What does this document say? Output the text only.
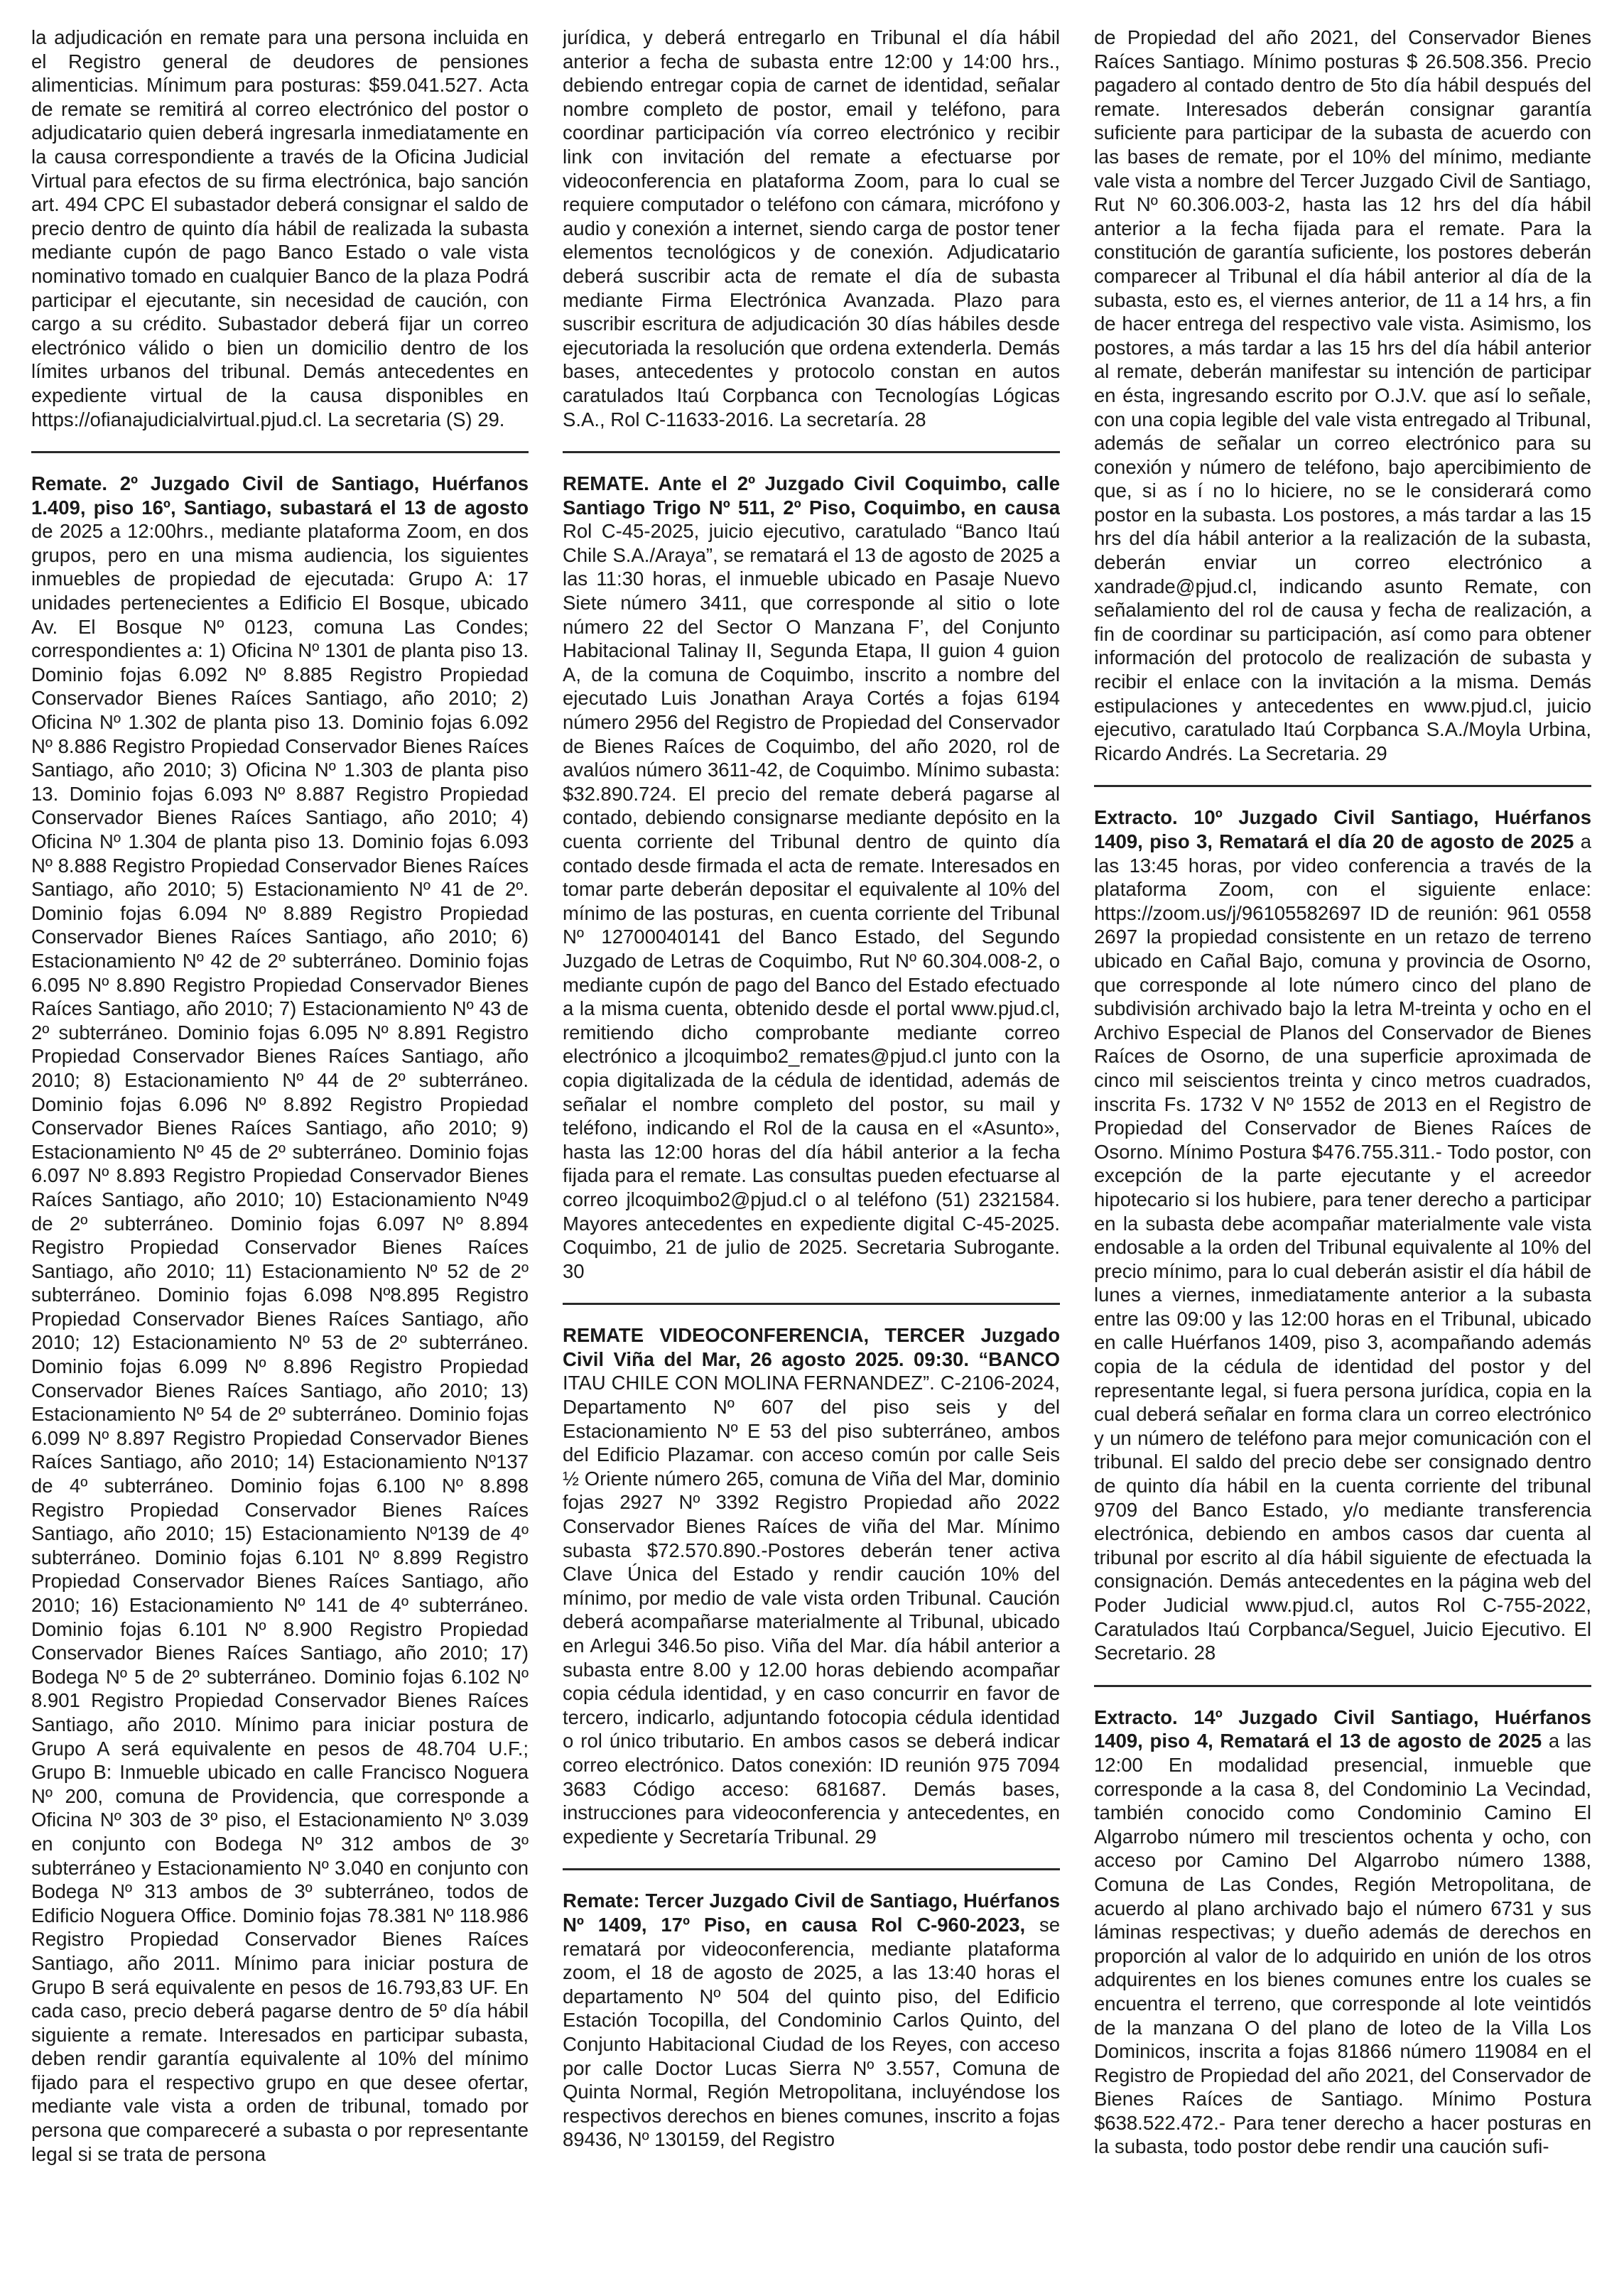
la adjudicación en remate para una persona incluida en el Registro general de deudores de pensiones alimenticias. Mínimum para posturas: $59.041.527. Acta de remate se remitirá al correo electrónico del postor o adjudicatario quien deberá ingresarla inmediatamente en la causa correspondiente a través de la Oficina Judicial Virtual para efectos de su firma electrónica, bajo sanción art. 494 CPC El subastador deberá consignar el saldo de precio dentro de quinto día hábil de realizada la subasta mediante cupón de pago Banco Estado o vale vista nominativo tomado en cualquier Banco de la plaza Podrá participar el ejecutante, sin necesidad de caución, con cargo a su crédito. Subastador deberá fijar un correo electrónico válido o bien un domicilio dentro de los límites urbanos del tribunal. Demás antecedentes en expediente virtual de la causa disponibles en https://ofianajudicialvirtual.pjud.cl. La secretaria (S) 29.

Remate. 2º Juzgado Civil de Santiago, Huérfanos 1.409, piso 16º, Santiago, subastará el 13 de agosto de 2025 a 12:00hrs., mediante plataforma Zoom, en dos grupos, pero en una misma audiencia, los siguientes inmuebles de propiedad de ejecutada: Grupo A: 17 unidades pertenecientes a Edificio El Bosque, ubicado Av. El Bosque Nº 0123, comuna Las Condes; correspondientes a: 1) Oficina Nº 1301 de planta piso 13. Dominio fojas 6.092 Nº 8.885 Registro Propiedad Conservador Bienes Raíces Santiago, año 2010; 2) Oficina Nº 1.302 de planta piso 13. Dominio fojas 6.092 Nº 8.886 Registro Propiedad Conservador Bienes Raíces Santiago, año 2010; 3) Oficina Nº 1.303 de planta piso 13. Dominio fojas 6.093 Nº 8.887 Registro Propiedad Conservador Bienes Raíces Santiago, año 2010; 4) Oficina Nº 1.304 de planta piso 13. Dominio fojas 6.093 Nº 8.888 Registro Propiedad Conservador Bienes Raíces Santiago, año 2010; 5) Estacionamiento Nº 41 de 2º. Dominio fojas 6.094 Nº 8.889 Registro Propiedad Conservador Bienes Raíces Santiago, año 2010; 6) Estacionamiento Nº 42 de 2º subterráneo. Dominio fojas 6.095 Nº 8.890 Registro Propiedad Conservador Bienes Raíces Santiago, año 2010; 7) Estacionamiento Nº 43 de 2º subterráneo. Dominio fojas 6.095 Nº 8.891 Registro Propiedad Conservador Bienes Raíces Santiago, año 2010; 8) Estacionamiento Nº 44 de 2º subterráneo. Dominio fojas 6.096 Nº 8.892 Registro Propiedad Conservador Bienes Raíces Santiago, año 2010; 9) Estacionamiento Nº 45 de 2º subterráneo. Dominio fojas 6.097 Nº 8.893 Registro Propiedad Conservador Bienes Raíces Santiago, año 2010; 10) Estacionamiento Nº49 de 2º subterráneo. Dominio fojas 6.097 Nº 8.894 Registro Propiedad Conservador Bienes Raíces Santiago, año 2010; 11) Estacionamiento Nº 52 de 2º subterráneo. Dominio fojas 6.098 Nº8.895 Registro Propiedad Conservador Bienes Raíces Santiago, año 2010; 12) Estacionamiento Nº 53 de 2º subterráneo. Dominio fojas 6.099 Nº 8.896 Registro Propiedad Conservador Bienes Raíces Santiago, año 2010; 13) Estacionamiento Nº 54 de 2º subterráneo. Dominio fojas 6.099 Nº 8.897 Registro Propiedad Conservador Bienes Raíces Santiago, año 2010; 14) Estacionamiento Nº137 de 4º subterráneo. Dominio fojas 6.100 Nº 8.898 Registro Propiedad Conservador Bienes Raíces Santiago, año 2010; 15) Estacionamiento Nº139 de 4º subterráneo. Dominio fojas 6.101 Nº 8.899 Registro Propiedad Conservador Bienes Raíces Santiago, año 2010; 16) Estacionamiento Nº 141 de 4º subterráneo. Dominio fojas 6.101 Nº 8.900 Registro Propiedad Conservador Bienes Raíces Santiago, año 2010; 17) Bodega Nº 5 de 2º subterráneo. Dominio fojas 6.102 Nº 8.901 Registro Propiedad Conservador Bienes Raíces Santiago, año 2010. Mínimo para iniciar postura de Grupo A será equivalente en pesos de 48.704 U.F.; Grupo B: Inmueble ubicado en calle Francisco Noguera Nº 200, comuna de Providencia, que corresponde a Oficina Nº 303 de 3º piso, el Estacionamiento Nº 3.039 en conjunto con Bodega Nº 312 ambos de 3º subterráneo y Estacionamiento Nº 3.040 en conjunto con Bodega Nº 313 ambos de 3º subterráneo, todos de Edificio Noguera Office. Dominio fojas 78.381 Nº 118.986 Registro Propiedad Conservador Bienes Raíces Santiago, año 2011. Mínimo para iniciar postura de Grupo B será equivalente en pesos de 16.793,83 UF. En cada caso, precio deberá pagarse dentro de 5º día hábil siguiente a remate. Interesados en participar subasta, deben rendir garantía equivalente al 10% del mínimo fijado para el respectivo grupo en que desee ofertar, mediante vale vista a orden de tribunal, tomado por persona que compareceré a subasta o por representante legal si se trata de persona

jurídica, y deberá entregarlo en Tribunal el día hábil anterior a fecha de subasta entre 12:00 y 14:00 hrs., debiendo entregar copia de carnet de identidad, señalar nombre completo de postor, email y teléfono, para coordinar participación vía correo electrónico y recibir link con invitación del remate a efectuarse por videoconferencia en plataforma Zoom, para lo cual se requiere computador o teléfono con cámara, micrófono y audio y conexión a internet, siendo carga de postor tener elementos tecnológicos y de conexión. Adjudicatario deberá suscribir acta de remate el día de subasta mediante Firma Electrónica Avanzada. Plazo para suscribir escritura de adjudicación 30 días hábiles desde ejecutoriada la resolución que ordena extenderla. Demás bases, antecedentes y protocolo constan en autos caratulados Itaú Corpbanca con Tecnologías Lógicas S.A., Rol C-11633-2016. La secretaría. 28

REMATE. Ante el 2º Juzgado Civil Coquimbo, calle Santiago Trigo Nº 511, 2º Piso, Coquimbo, en causa Rol C-45-2025, juicio ejecutivo, caratulado “Banco Itaú Chile S.A./Araya”, se rematará el 13 de agosto de 2025 a las 11:30 horas, el inmueble ubicado en Pasaje Nuevo Siete número 3411, que corresponde al sitio o lote número 22 del Sector O Manzana F’, del Conjunto Habitacional Talinay II, Segunda Etapa, II guion 4 guion A, de la comuna de Coquimbo, inscrito a nombre del ejecutado Luis Jonathan Araya Cortés a fojas 6194 número 2956 del Registro de Propiedad del Conservador de Bienes Raíces de Coquimbo, del año 2020, rol de avalúos número 3611-42, de Coquimbo. Mínimo subasta: $32.890.724. El precio del remate deberá pagarse al contado, debiendo consignarse mediante depósito en la cuenta corriente del Tribunal dentro de quinto día contado desde firmada el acta de remate. Interesados en tomar parte deberán depositar el equivalente al 10% del mínimo de las posturas, en cuenta corriente del Tribunal Nº 12700040141 del Banco Estado, del Segundo Juzgado de Letras de Coquimbo, Rut Nº 60.304.008-2, o mediante cupón de pago del Banco del Estado efectuado a la misma cuenta, obtenido desde el portal www.pjud.cl, remitiendo dicho comprobante mediante correo electrónico a jlcoquimbo2_remates@pjud.cl junto con la copia digitalizada de la cédula de identidad, además de señalar el nombre completo del postor, su mail y teléfono, indicando el Rol de la causa en el «Asunto», hasta las 12:00 horas del día hábil anterior a la fecha fijada para el remate. Las consultas pueden efectuarse al correo jlcoquimbo2@pjud.cl o al teléfono (51) 2321584. Mayores antecedentes en expediente digital C-45-2025. Coquimbo, 21 de julio de 2025. Secretaria Subrogante. 30

REMATE VIDEOCONFERENCIA, TERCER Juzgado Civil Viña del Mar, 26 agosto 2025. 09:30. “BANCO ITAU CHILE CON MOLINA FERNANDEZ”. C-2106-2024, Departamento Nº 607 del piso seis y del Estacionamiento Nº E 53 del piso subterráneo, ambos del Edificio Plazamar. con acceso común por calle Seis ½ Oriente número 265, comuna de Viña del Mar, dominio fojas 2927 Nº 3392 Registro Propiedad año 2022 Conservador Bienes Raíces de viña del Mar. Mínimo subasta $72.570.890.-Postores deberán tener activa Clave Única del Estado y rendir caución 10% del mínimo, por medio de vale vista orden Tribunal. Caución deberá acompañarse materialmente al Tribunal, ubicado en Arlegui 346.5o piso. Viña del Mar. día hábil anterior a subasta entre 8.00 y 12.00 horas debiendo acompañar copia cédula identidad, y en caso concurrir en favor de tercero, indicarlo, adjuntando fotocopia cédula identidad o rol único tributario. En ambos casos se deberá indicar correo electrónico. Datos conexión: ID reunión 975 7094 3683 Código acceso: 681687. Demás bases, instrucciones para videoconferencia y antecedentes, en expediente y Secretaría Tribunal. 29

Remate: Tercer Juzgado Civil de Santiago, Huérfanos Nº 1409, 17º Piso, en causa Rol C-960-2023, se rematará por videoconferencia, mediante plataforma zoom, el 18 de agosto de 2025, a las 13:40 horas el departamento Nº 504 del quinto piso, del Edificio Estación Tocopilla, del Condominio Carlos Quinto, del Conjunto Habitacional Ciudad de los Reyes, con acceso por calle Doctor Lucas Sierra Nº 3.557, Comuna de Quinta Normal, Región Metropolitana, incluyéndose los respectivos derechos en bienes comunes, inscrito a fojas 89436, Nº 130159, del Registro

de Propiedad del año 2021, del Conservador Bienes Raíces Santiago. Mínimo posturas $ 26.508.356. Precio pagadero al contado dentro de 5to día hábil después del remate. Interesados deberán consignar garantía suficiente para participar de la subasta de acuerdo con las bases de remate, por el 10% del mínimo, mediante vale vista a nombre del Tercer Juzgado Civil de Santiago, Rut Nº 60.306.003-2, hasta las 12 hrs del día hábil anterior a la fecha fijada para el remate. Para la constitución de garantía suficiente, los postores deberán comparecer al Tribunal el día hábil anterior al día de la subasta, esto es, el viernes anterior, de 11 a 14 hrs, a fin de hacer entrega del respectivo vale vista. Asimismo, los postores, a más tardar a las 15 hrs del día hábil anterior al remate, deberán manifestar su intención de participar en ésta, ingresando escrito por O.J.V. que así lo señale, con una copia legible del vale vista entregado al Tribunal, además de señalar un correo electrónico para su conexión y número de teléfono, bajo apercibimiento de que, si as í no lo hiciere, no se le considerará como postor en la subasta. Los postores, a más tardar a las 15 hrs del día hábil anterior a la realización de la subasta, deberán enviar un correo electrónico a xandrade@pjud.cl, indicando asunto Remate, con señalamiento del rol de causa y fecha de realización, a fin de coordinar su participación, así como para obtener información del protocolo de realización de subasta y recibir el enlace con la invitación a la misma. Demás estipulaciones y antecedentes en www.pjud.cl, juicio ejecutivo, caratulado Itaú Corpbanca S.A./Moyla Urbina, Ricardo Andrés. La Secretaria. 29

Extracto. 10º Juzgado Civil Santiago, Huérfanos 1409, piso 3, Rematará el día 20 de agosto de 2025 a las 13:45 horas, por video conferencia a través de la plataforma Zoom, con el siguiente enlace: https://zoom.us/j/96105582697 ID de reunión: 961 0558 2697 la propiedad consistente en un retazo de terreno ubicado en Cañal Bajo, comuna y provincia de Osorno, que corresponde al lote número cinco del plano de subdivisión archivado bajo la letra M-treinta y ocho en el Archivo Especial de Planos del Conservador de Bienes Raíces de Osorno, de una superficie aproximada de cinco mil seiscientos treinta y cinco metros cuadrados, inscrita Fs. 1732 V Nº 1552 de 2013 en el Registro de Propiedad del Conservador de Bienes Raíces de Osorno. Mínimo Postura $476.755.311.- Todo postor, con excepción de la parte ejecutante y el acreedor hipotecario si los hubiere, para tener derecho a participar en la subasta debe acompañar materialmente vale vista endosable a la orden del Tribunal equivalente al 10% del precio mínimo, para lo cual deberán asistir el día hábil de lunes a viernes, inmediatamente anterior a la subasta entre las 09:00 y las 12:00 horas en el Tribunal, ubicado en calle Huérfanos 1409, piso 3, acompañando además copia de la cédula de identidad del postor y del representante legal, si fuera persona jurídica, copia en la cual deberá señalar en forma clara un correo electrónico y un número de teléfono para mejor comunicación con el tribunal. El saldo del precio debe ser consignado dentro de quinto día hábil en la cuenta corriente del tribunal 9709 del Banco Estado, y/o mediante transferencia electrónica, debiendo en ambos casos dar cuenta al tribunal por escrito al día hábil siguiente de efectuada la consignación. Demás antecedentes en la página web del Poder Judicial www.pjud.cl, autos Rol C-755-2022, Caratulados Itaú Corpbanca/Seguel, Juicio Ejecutivo. El Secretario. 28

Extracto. 14º Juzgado Civil Santiago, Huérfanos 1409, piso 4, Rematará el 13 de agosto de 2025 a las 12:00 En modalidad presencial, inmueble que corresponde a la casa 8, del Condominio La Vecindad, también conocido como Condominio Camino El Algarrobo número mil trescientos ochenta y ocho, con acceso por Camino Del Algarrobo número 1388, Comuna de Las Condes, Región Metropolitana, de acuerdo al plano archivado bajo el número 6731 y sus láminas respectivas; y dueño además de derechos en proporción al valor de lo adquirido en unión de los otros adquirentes en los bienes comunes entre los cuales se encuentra el terreno, que corresponde al lote veintidós de la manzana O del plano de loteo de la Villa Los Dominicos, inscrita a fojas 81866 número 119084 en el Registro de Propiedad del año 2021, del Conservador de Bienes Raíces de Santiago. Mínimo Postura $638.522.472.- Para tener derecho a hacer posturas en la subasta, todo postor debe rendir una caución sufi-
